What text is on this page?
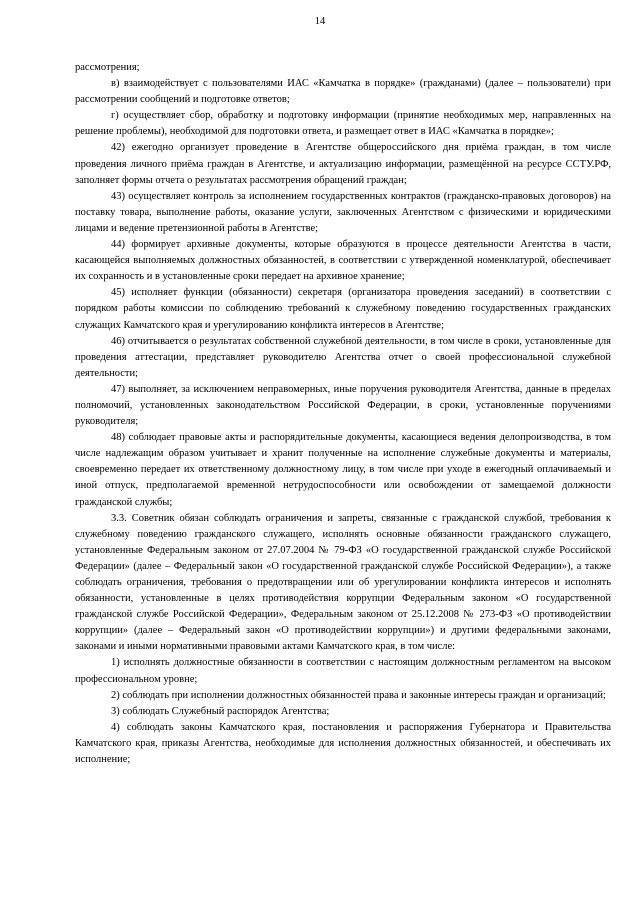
14

рассмотрения;

в) взаимодействует с пользователями ИАС «Камчатка в порядке» (гражданами) (далее – пользователи) при рассмотрении сообщений и подготовке ответов;

г) осуществляет сбор, обработку и подготовку информации (принятие необходимых мер, направленных на решение проблемы), необходимой для подготовки ответа, и размещает ответ в ИАС «Камчатка в порядке»;

42) ежегодно организует проведение в Агентстве общероссийского дня приёма граждан, в том числе проведения личного приёма граждан в Агентстве, и актуализацию информации, размещённой на ресурсе ССТУ.РФ, заполняет формы отчета о результатах рассмотрения обращений граждан;

43) осуществляет контроль за исполнением государственных контрактов (гражданско-правовых договоров) на поставку товара, выполнение работы, оказание услуги, заключенных Агентством с физическими и юридическими лицами и ведение претензионной работы в Агентстве;

44) формирует архивные документы, которые образуются в процессе деятельности Агентства в части, касающейся выполняемых должностных обязанностей, в соответствии с утвержденной номенклатурой, обеспечивает их сохранность и в установленные сроки передает на архивное хранение;

45) исполняет функции (обязанности) секретаря (организатора проведения заседаний) в соответствии с порядком работы комиссии по соблюдению требований к служебному поведению государственных гражданских служащих Камчатского края и урегулированию конфликта интересов в Агентстве;

46) отчитывается о результатах собственной служебной деятельности, в том числе в сроки, установленные для проведения аттестации, представляет руководителю Агентства отчет о своей профессиональной служебной деятельности;

47) выполняет, за исключением неправомерных, иные поручения руководителя Агентства, данные в пределах полномочий, установленных законодательством Российской Федерации, в сроки, установленные поручениями руководителя;

48) соблюдает правовые акты и распорядительные документы, касающиеся ведения делопроизводства, в том числе надлежащим образом учитывает и хранит полученные на исполнение служебные документы и материалы, своевременно передает их ответственному должностному лицу, в том числе при уходе в ежегодный оплачиваемый и иной отпуск, предполагаемой временной нетрудоспособности или освобождении от замещаемой должности гражданской службы;

3.3. Советник обязан соблюдать ограничения и запреты, связанные с гражданской службой, требования к служебному поведению гражданского служащего, исполнять основные обязанности гражданского служащего, установленные Федеральным законом от 27.07.2004 № 79-ФЗ «О государственной гражданской службе Российской Федерации» (далее – Федеральный закон «О государственной гражданской службе Российской Федерации»), а также соблюдать ограничения, требования о предотвращении или об урегулировании конфликта интересов и исполнять обязанности, установленные в целях противодействия коррупции Федеральным законом «О государственной гражданской службе Российской Федерации», Федеральным законом от 25.12.2008 № 273-ФЗ «О противодействии коррупции» (далее – Федеральный закон «О противодействии коррупции») и другими федеральными законами, законами и иными нормативными правовыми актами Камчатского края, в том числе:

1) исполнять должностные обязанности в соответствии с настоящим должностным регламентом на высоком профессиональном уровне;

2) соблюдать при исполнении должностных обязанностей права и законные интересы граждан и организаций;

3) соблюдать Служебный распорядок Агентства;

4) соблюдать законы Камчатского края, постановления и распоряжения Губернатора и Правительства Камчатского края, приказы Агентства, необходимые для исполнения должностных обязанностей, и обеспечивать их исполнение;
